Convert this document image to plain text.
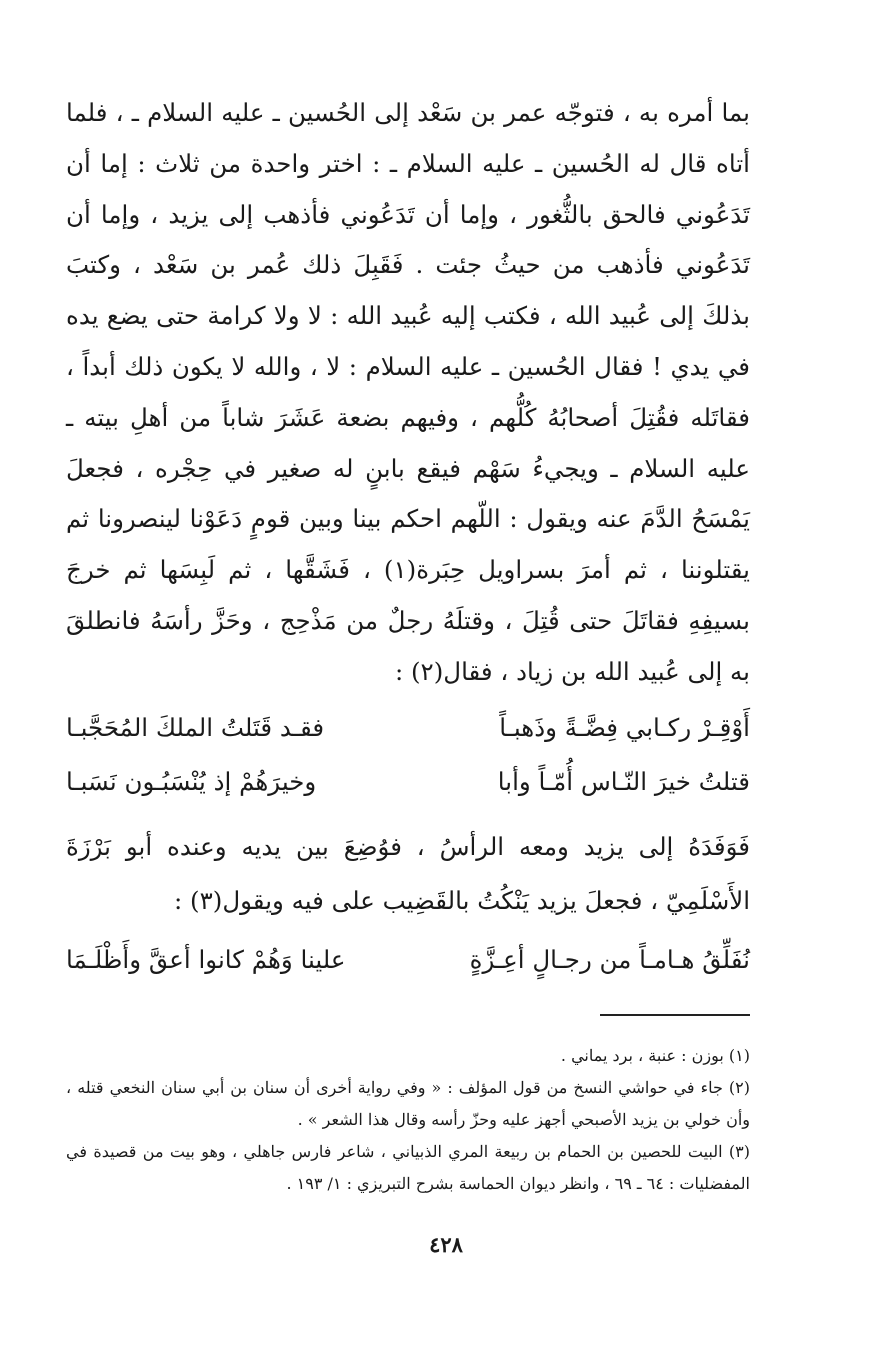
بما أمره به ، فتوجّه عمر بن سَعْد إلى الحُسين ـ عليه السلام ـ ، فلما أتاه قال له الحُسين ـ عليه السلام ـ : اختر واحدة من ثلاث : إما أن تَدَعُوني فالحق بالثُّغور ، وإما أن تَدَعُوني فأذهب إلى يزيد ، وإما أن تَدَعُوني فأذهب من حيثُ جئت . فَقَبِلَ ذلك عُمر بن سَعْد ، وكتبَ بذلكَ إلى عُبيد الله ، فكتب إليه عُبيد الله : لا ولا كرامة حتى يضع يده في يدي ! فقال الحُسين ـ عليه السلام : لا ، والله لا يكون ذلك أبداً ، فقاتَله فقُتِلَ أصحابُهُ كُلُّهم ، وفيهم بضعة عَشَرَ شاباً من أهلِ بيته ـ عليه السلام ـ ويجيءُ سَهْم فيقع بابنٍ له صغير في حِجْره ، فجعلَ يَمْسَحُ الدَّمَ عنه ويقول : اللّهم احكم بينا وبين قومٍ دَعَوْنا لينصرونا ثم يقتلوننا ، ثم أمرَ بسراويل حِبَرة(١) ، فَشَقَّها ، ثم لَبِسَها ثم خرجَ بسيفِهِ فقاتَلَ حتى قُتِلَ ، وقتلَهُ رجلٌ من مَذْحِج ، وحَزَّ رأسَهُ فانطلقَ به إلى عُبيد الله بن زياد ، فقال(٢) :

أَوْقِـرْ ركـابي فِضَّـةً وذَهبـاً
فقـد قَتَلتُ الملكَ المُحَجَّبـا
قتلتُ خيرَ النّـاس أُمّـاً وأبا
وخيرَهُمْ إذ يُنْسَبُـون نَسَبـا

فَوَفَدَهُ إلى يزيد ومعه الرأسُ ، فوُضِعَ بين يديه وعنده أبو بَرْزَةَ الأَسْلَمِيّ ، فجعلَ يزيد يَنْكُتُ بالقَضِيب على فيه ويقول(٣) :

نُفَلِّقُ هـامـاً من رجـالٍ أعِـزَّةٍ
علينا وَهُمْ كانوا أعقَّ وأَظْلَـمَا

(١) بوزن : عنبة ، برد يماني .

(٢) جاء في حواشي النسخ من قول المؤلف : « وفي رواية أخرى أن سنان بن أبي سنان النخعي قتله ، وأن خولي بن يزيد الأصبحي أجهز عليه وحزّ رأسه وقال هذا الشعر » .

(٣) البيت للحصين بن الحمام بن ربيعة المري الذبياني ، شاعر فارس جاهلي ، وهو بيت من قصيدة في المفضليات : ٦٤ ـ ٦٩ ، وانظر ديوان الحماسة بشرح التبريزي : ١/ ١٩٣ .

٤٢٨
